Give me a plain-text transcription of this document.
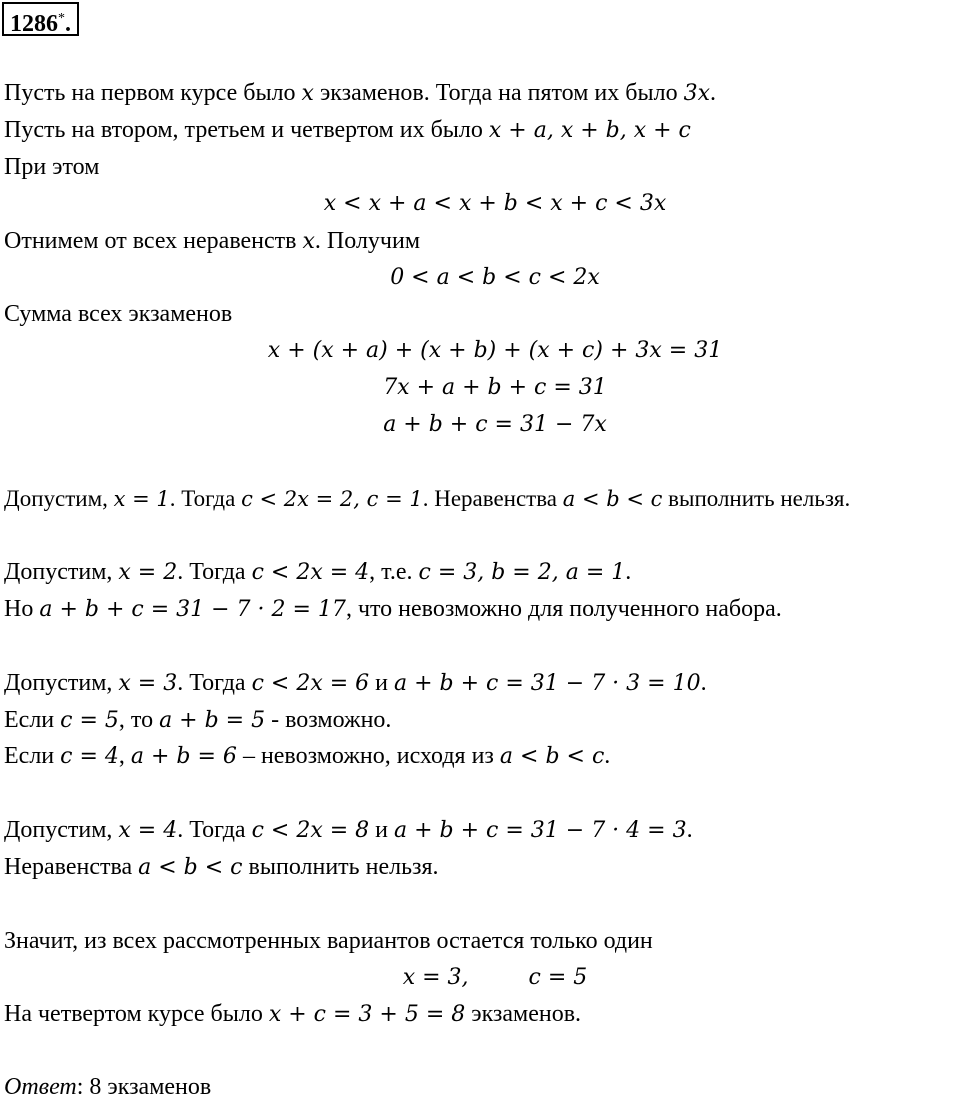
1286*.
Пусть на первом курсе было x экзаменов. Тогда на пятом их было 3x.
Пусть на втором, третьем и четвертом их было x + a, x + b, x + c
При этом
x < x + a < x + b < x + c < 3x
Отнимем от всех неравенств x. Получим
0 < a < b < c < 2x
Сумма всех экзаменов
x + (x + a) + (x + b) + (x + c) + 3x = 31
7x + a + b + c = 31
a + b + c = 31 − 7x
Допустим, x = 1. Тогда c < 2x = 2, c = 1. Неравенства a < b < c выполнить нельзя.
Допустим, x = 2. Тогда c < 2x = 4, т.е. c = 3, b = 2, a = 1.
Но a + b + c = 31 − 7 · 2 = 17, что невозможно для полученного набора.
Допустим, x = 3. Тогда c < 2x = 6 и a + b + c = 31 − 7 · 3 = 10.
Если c = 5, то a + b = 5 - возможно.
Если c = 4, a + b = 6 – невозможно, исходя из a < b < c.
Допустим, x = 4. Тогда c < 2x = 8 и a + b + c = 31 − 7 · 4 = 3.
Неравенства a < b < c выполнить нельзя.
Значит, из всех рассмотренных вариантов остается только один
x = 3,	c = 5
На четвертом курсе было x + c = 3 + 5 = 8 экзаменов.
Ответ: 8 экзаменов
